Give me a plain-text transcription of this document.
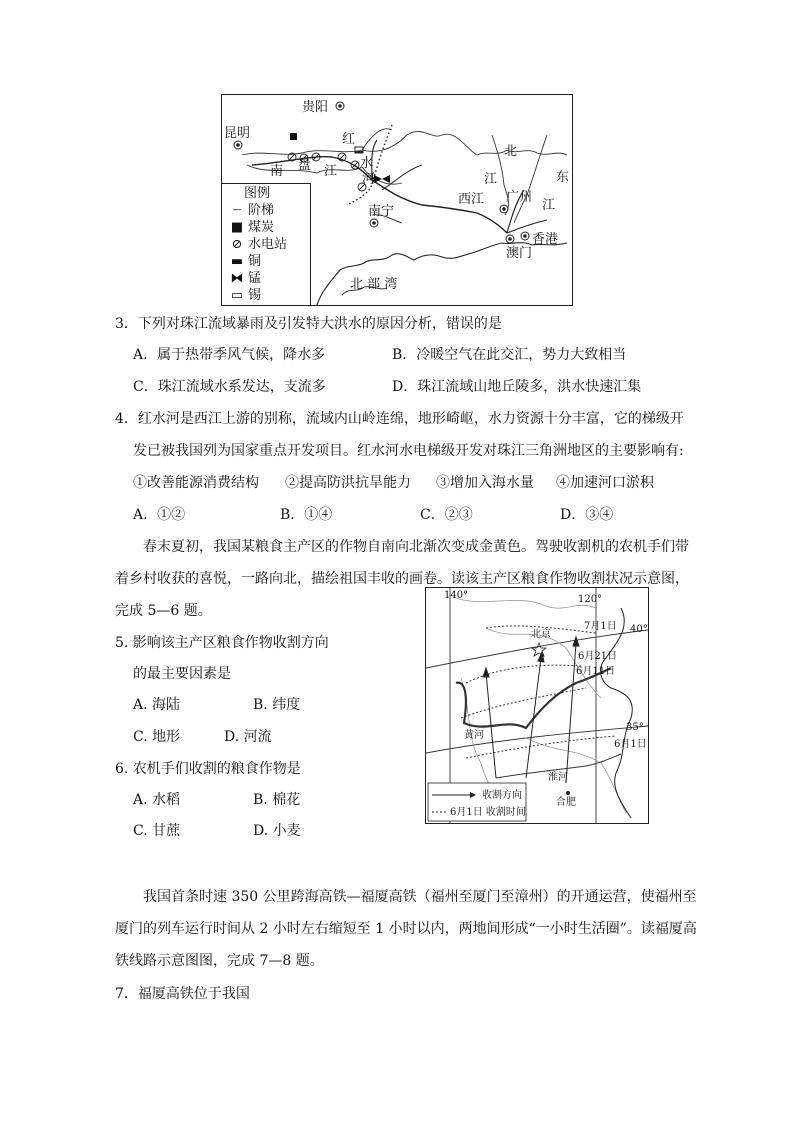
贵阳
昆明
南 盘 江
红
水
河
南宁
西江
北
江	东
江
广州
香港
澳门
北 部 湾
图例
┈ 阶梯
■ 煤炭
⊘ 水电站
▬ 铜
⧓ 锰
▭ 锡
3．下列对珠江流域暴雨及引发特大洪水的原因分析，错误的是
A．属于热带季风气候，降水多	B．冷暖空气在此交汇，势力大致相当
C．珠江流域水系发达，支流多	D．珠江流域山地丘陵多，洪水快速汇集
4．红水河是西江上游的别称，流域内山岭连绵，地形崎岖，水力资源十分丰富，它的梯级开
发已被我国列为国家重点开发项目。红水河水电梯级开发对珠江三角洲地区的主要影响有:
①改善能源消费结构 ②提高防洪抗旱能力 ③增加入海水量 ④加速河口淤积
A．①②	B．①④	C．②③	D．③④
春末夏初，我国某粮食主产区的作物自南向北渐次变成金黄色。驾驶收割机的农机手们带
着乡村收获的喜悦，一路向北，描绘祖国丰收的画卷。读该主产区粮食作物收割状况示意图，
完成 5—6 题。
5. 影响该主产区粮食作物收割方向
的最主要因素是
A. 海陆	B. 纬度
C. 地形	D. 河流
6. 农机手们收割的粮食作物是
A. 水稻	B. 棉花
C. 甘蔗	D. 小麦
140°	120°
40°
35°
北京
黄河
淮河
合肥
7月1日
6月21日
6月11日
6月1日
收割方向
6月1日 收割时间
我国首条时速 350 公里跨海高铁—福厦高铁（福州至厦门至漳州）的开通运营，使福州至
厦门的列车运行时间从 2 小时左右缩短至 1 小时以内，两地间形成“一小时生活圈”。读福厦高
铁线路示意图图，完成 7—8 题。
7．福厦高铁位于我国
